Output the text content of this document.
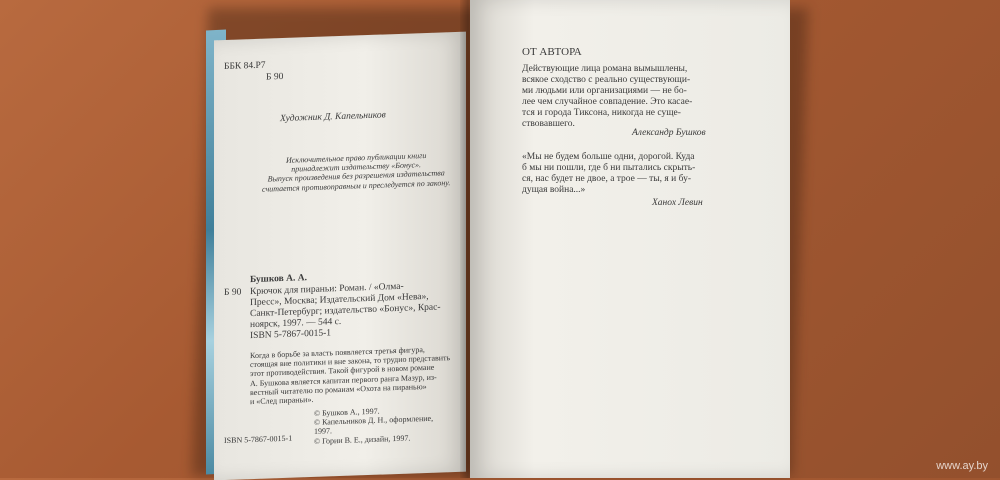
ББК 84.Р7
Б 90
Художник Д. Капельников
Исключительное право публикации книги
принадлежит издательству «Бонус».
Выпуск произведения без разрешения издательства
считается противоправным и преследуется по закону.
Бушков А. А.
Б 90 Крючок для пираньи: Роман. / «Олма-
Пресс», Москва; Издательский Дом «Нева»,
Санкт-Петербург; издательство «Бонус», Крас-
ноярск, 1997. — 544 с.
ISBN 5-7867-0015-1
Когда в борьбе за власть появляется третья фигура,
стоящая вне политики и вне закона, то трудно представить
этот противодействия. Такой фигурой в новом романе
А. Бушкова является капитан первого ранга Мазур, из-
вестный читателю по романам «Охота на пиранью»
и «След пираньи».
ISBN 5-7867-0015-1
© Бушков А., 1997.
© Капельников Д. Н., оформление,
1997.
© Горин В. Е., дизайн, 1997.
ОТ АВТОРА
Действующие лица романа вымышлены,
всякое сходство с реально существующи-
ми людьми или организациями — не бо-
лее чем случайное совпадение. Это касае-
тся и города Тиксона, никогда не суще-
ствовавшего.
Александр Бушков
«Мы не будем больше одни, дорогой. Куда
б мы ни пошли, где б ни пытались скрыть-
ся, нас будет не двое, а трое — ты, я и бу-
дущая война...»
Ханох Левин
www.ay.by
